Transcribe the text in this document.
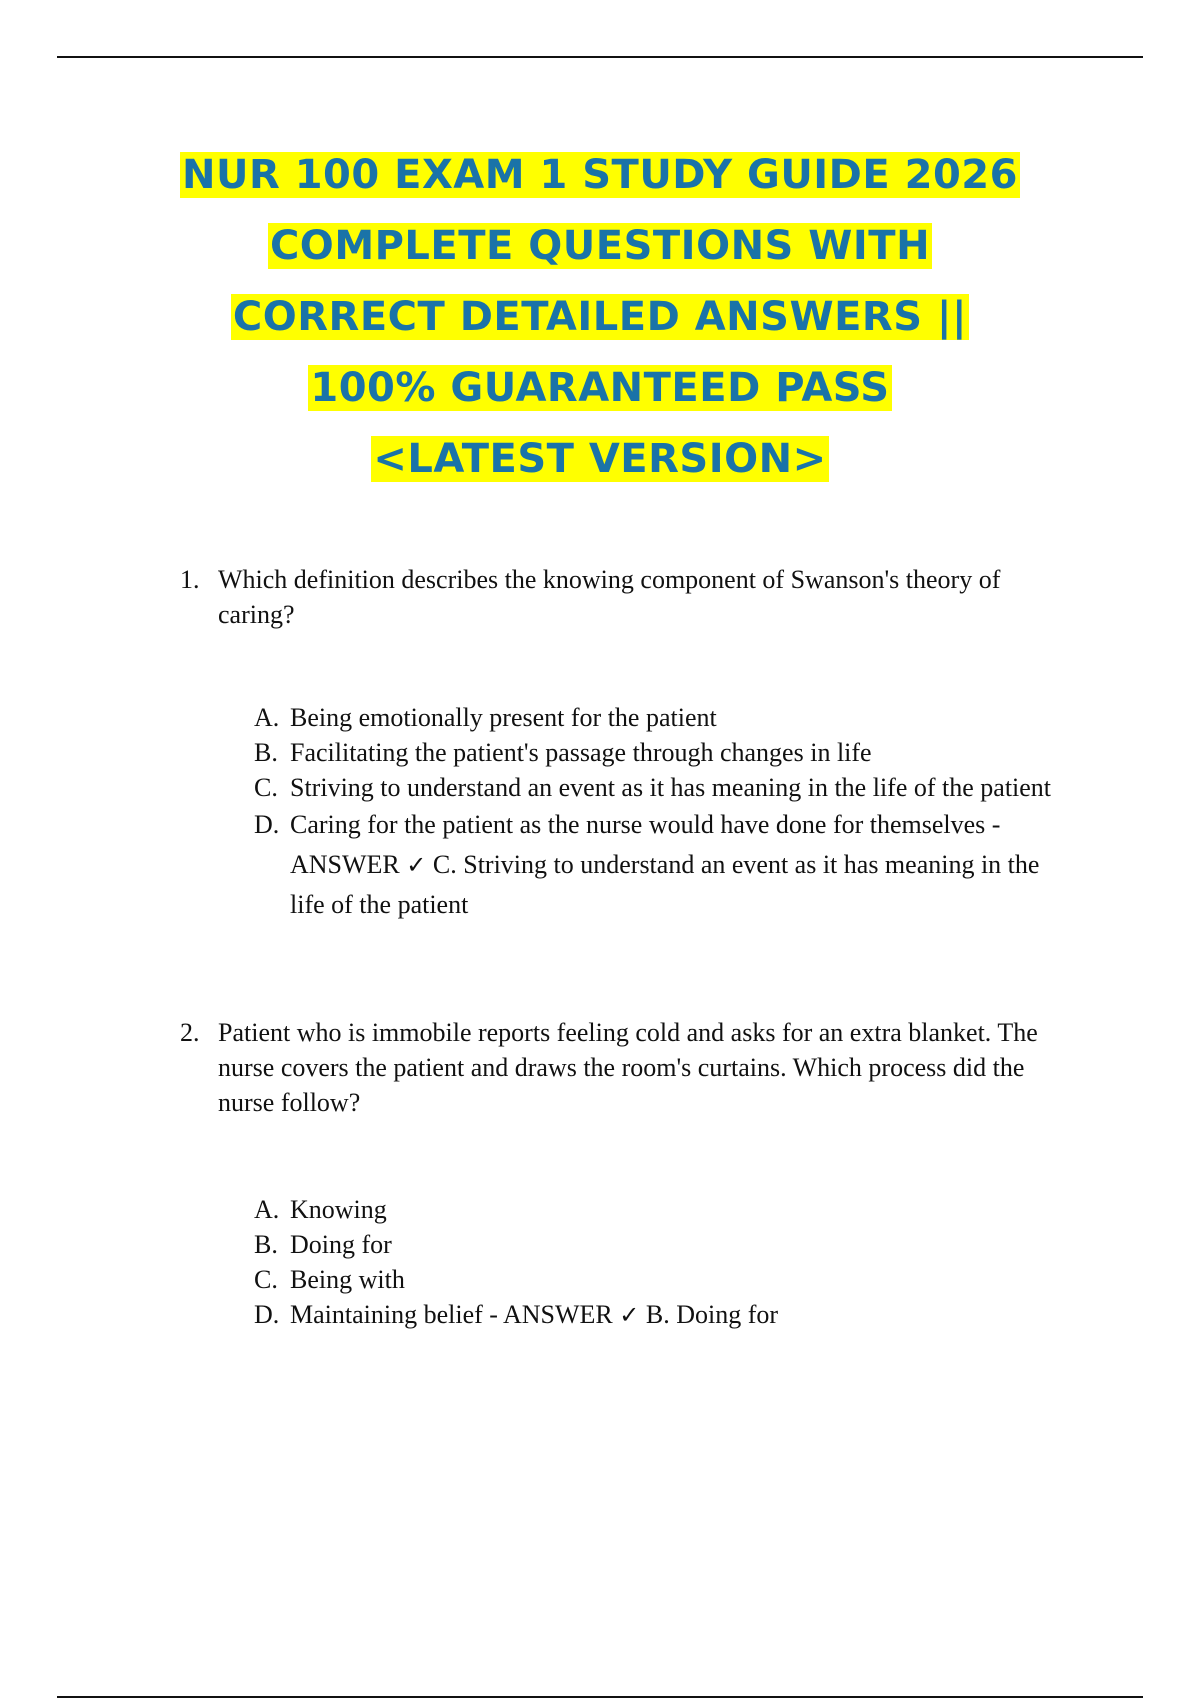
NUR 100 EXAM 1 STUDY GUIDE 2026
COMPLETE QUESTIONS WITH
CORRECT DETAILED ANSWERS ||
100% GUARANTEED PASS
<LATEST VERSION>
1. Which definition describes the knowing component of Swanson's theory of caring?
A. Being emotionally present for the patient
B. Facilitating the patient's passage through changes in life
C. Striving to understand an event as it has meaning in the life of the patient
D. Caring for the patient as the nurse would have done for themselves - ANSWER ✓ C. Striving to understand an event as it has meaning in the life of the patient
2. Patient who is immobile reports feeling cold and asks for an extra blanket. The nurse covers the patient and draws the room's curtains. Which process did the nurse follow?
A. Knowing
B. Doing for
C. Being with
D. Maintaining belief - ANSWER ✓ B. Doing for
